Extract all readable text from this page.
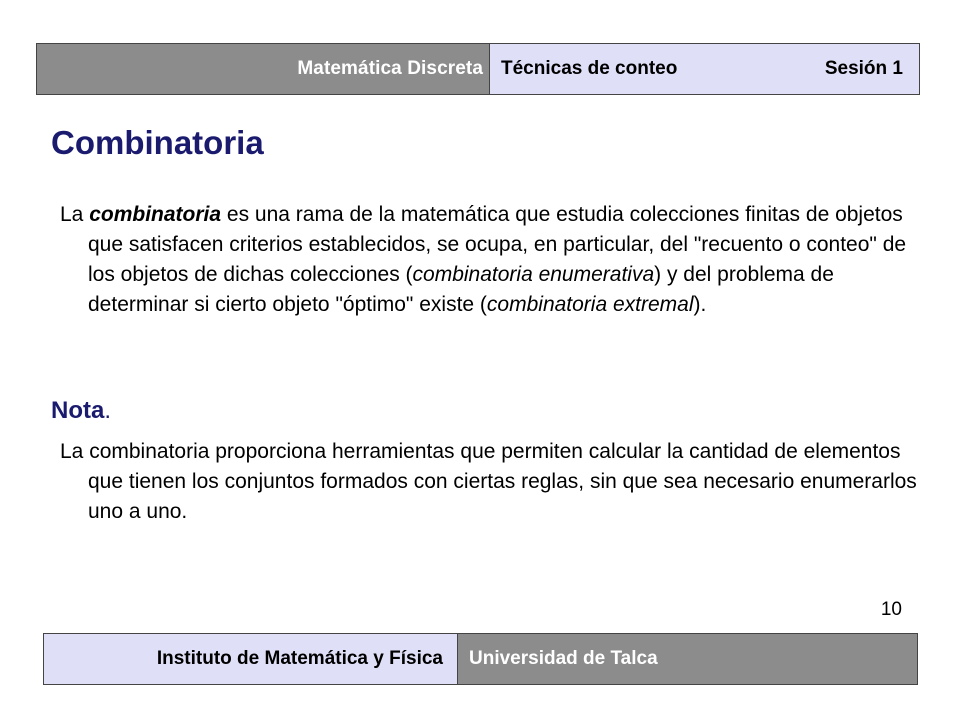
Matemática Discreta Técnicas de conteo	Sesión 1
Combinatoria

La combinatoria es una rama de la matemática que estudia colecciones finitas de objetos que satisfacen criterios establecidos, se ocupa, en particular, del "recuento o conteo" de los objetos de dichas colecciones (combinatoria enumerativa) y del problema de determinar si cierto objeto "óptimo" existe (combinatoria extremal).

Nota.

La combinatoria proporciona herramientas que permiten calcular la cantidad de elementos que tienen los conjuntos formados con ciertas reglas, sin que sea necesario enumerarlos uno a uno.

10
Instituto de Matemática y Física Universidad de Talca
